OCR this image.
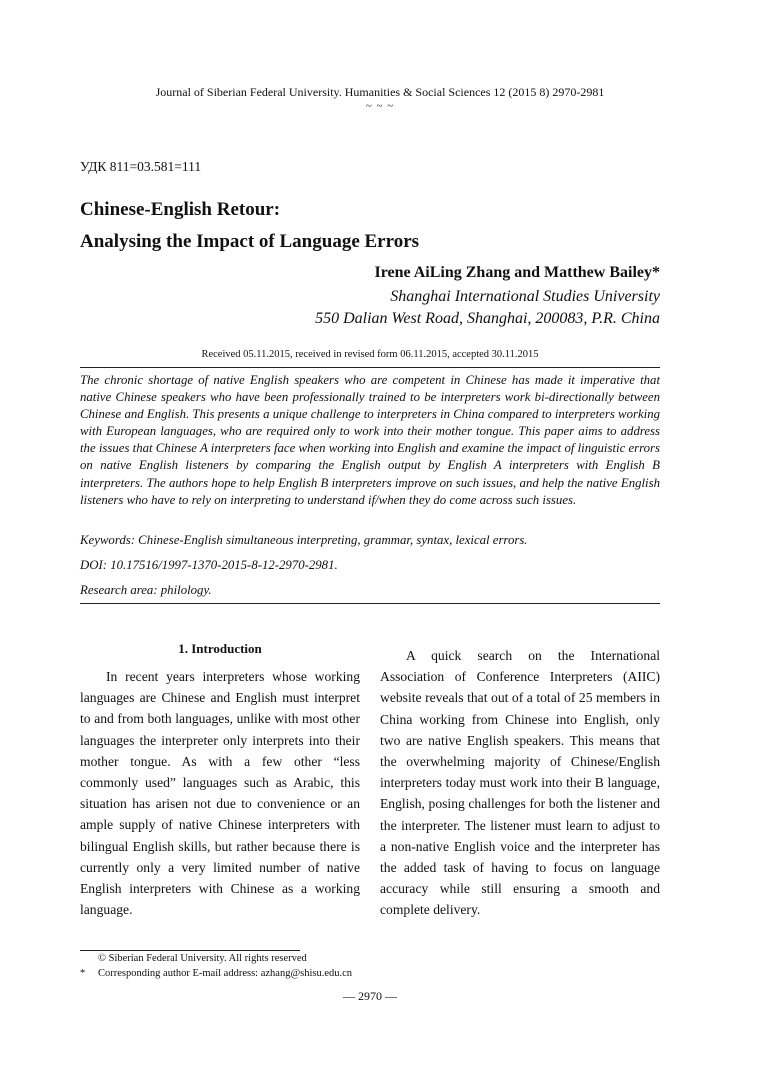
Journal of Siberian Federal University. Humanities & Social Sciences 12 (2015 8) 2970-2981
~ ~ ~
УДК 811=03.581=111
Chinese-English Retour:
Analysing the Impact of Language Errors
Irene AiLing Zhang and Matthew Bailey*
Shanghai International Studies University
550 Dalian West Road, Shanghai, 200083, P.R. China
Received 05.11.2015, received in revised form 06.11.2015, accepted 30.11.2015
The chronic shortage of native English speakers who are competent in Chinese has made it imperative that native Chinese speakers who have been professionally trained to be interpreters work bi-directionally between Chinese and English. This presents a unique challenge to interpreters in China compared to interpreters working with European languages, who are required only to work into their mother tongue. This paper aims to address the issues that Chinese A interpreters face when working into English and examine the impact of linguistic errors on native English listeners by comparing the English output by English A interpreters with English B interpreters. The authors hope to help English B interpreters improve on such issues, and help the native English listeners who have to rely on interpreting to understand if/when they do come across such issues.
Keywords: Chinese-English simultaneous interpreting, grammar, syntax, lexical errors.
DOI: 10.17516/1997-1370-2015-8-12-2970-2981.
Research area: philology.
1. Introduction

In recent years interpreters whose working languages are Chinese and English must interpret to and from both languages, unlike with most other languages the interpreter only interprets into their mother tongue. As with a few other “less commonly used” languages such as Arabic, this situation has arisen not due to convenience or an ample supply of native Chinese interpreters with bilingual English skills, but rather because there is currently only a very limited number of native English interpreters with Chinese as a working language.

A quick search on the International Association of Conference Interpreters (AIIC) website reveals that out of a total of 25 members in China working from Chinese into English, only two are native English speakers. This means that the overwhelming majority of Chinese/English interpreters today must work into their B language, English, posing challenges for both the listener and the interpreter. The listener must learn to adjust to a non-native English voice and the interpreter has the added task of having to focus on language accuracy while still ensuring a smooth and complete delivery.

© Siberian Federal University. All rights reserved
* Corresponding author E-mail address: azhang@shisu.edu.cn
— 2970 —
